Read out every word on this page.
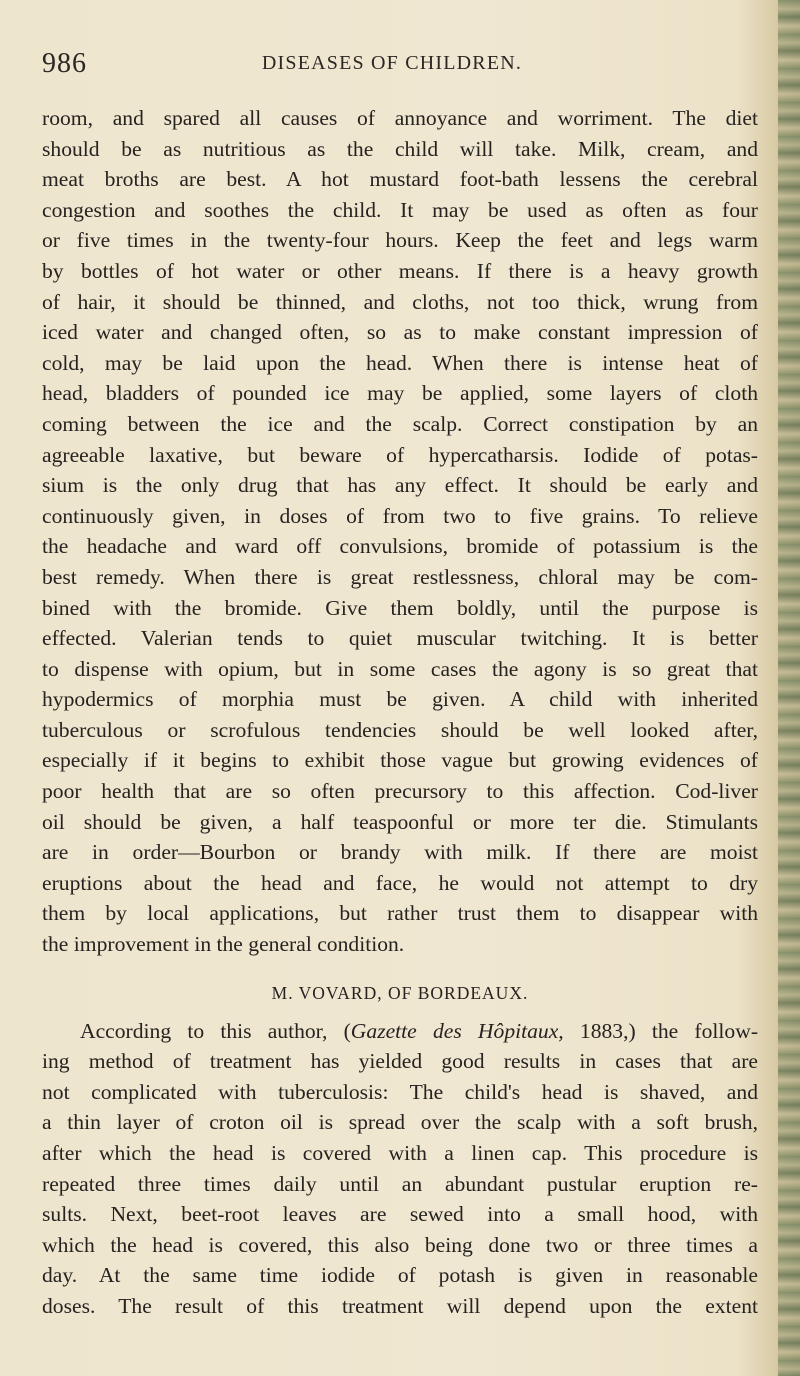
986	DISEASES OF CHILDREN.
room, and spared all causes of annoyance and worriment. The diet
should be as nutritious as the child will take. Milk, cream, and
meat broths are best. A hot mustard foot-bath lessens the cerebral
congestion and soothes the child. It may be used as often as four
or five times in the twenty-four hours. Keep the feet and legs warm
by bottles of hot water or other means. If there is a heavy growth
of hair, it should be thinned, and cloths, not too thick, wrung from
iced water and changed often, so as to make constant impression of
cold, may be laid upon the head. When there is intense heat of
head, bladders of pounded ice may be applied, some layers of cloth
coming between the ice and the scalp. Correct constipation by an
agreeable laxative, but beware of hypercatharsis. Iodide of potas-
sium is the only drug that has any effect. It should be early and
continuously given, in doses of from two to five grains. To relieve
the headache and ward off convulsions, bromide of potassium is the
best remedy. When there is great restlessness, chloral may be com-
bined with the bromide. Give them boldly, until the purpose is
effected. Valerian tends to quiet muscular twitching. It is better
to dispense with opium, but in some cases the agony is so great that
hypodermics of morphia must be given. A child with inherited
tuberculous or scrofulous tendencies should be well looked after,
especially if it begins to exhibit those vague but growing evidences of
poor health that are so often precursory to this affection. Cod-liver
oil should be given, a half teaspoonful or more ter die. Stimulants
are in order—Bourbon or brandy with milk. If there are moist
eruptions about the head and face, he would not attempt to dry
them by local applications, but rather trust them to disappear with
the improvement in the general condition.
M. VOVARD, OF BORDEAUX.
According to this author, (Gazette des Hôpitaux, 1883,) the follow-
ing method of treatment has yielded good results in cases that are
not complicated with tuberculosis: The child's head is shaved, and
a thin layer of croton oil is spread over the scalp with a soft brush,
after which the head is covered with a linen cap. This procedure is
repeated three times daily until an abundant pustular eruption re-
sults. Next, beet-root leaves are sewed into a small hood, with
which the head is covered, this also being done two or three times a
day. At the same time iodide of potash is given in reasonable
doses. The result of this treatment will depend upon the extent
